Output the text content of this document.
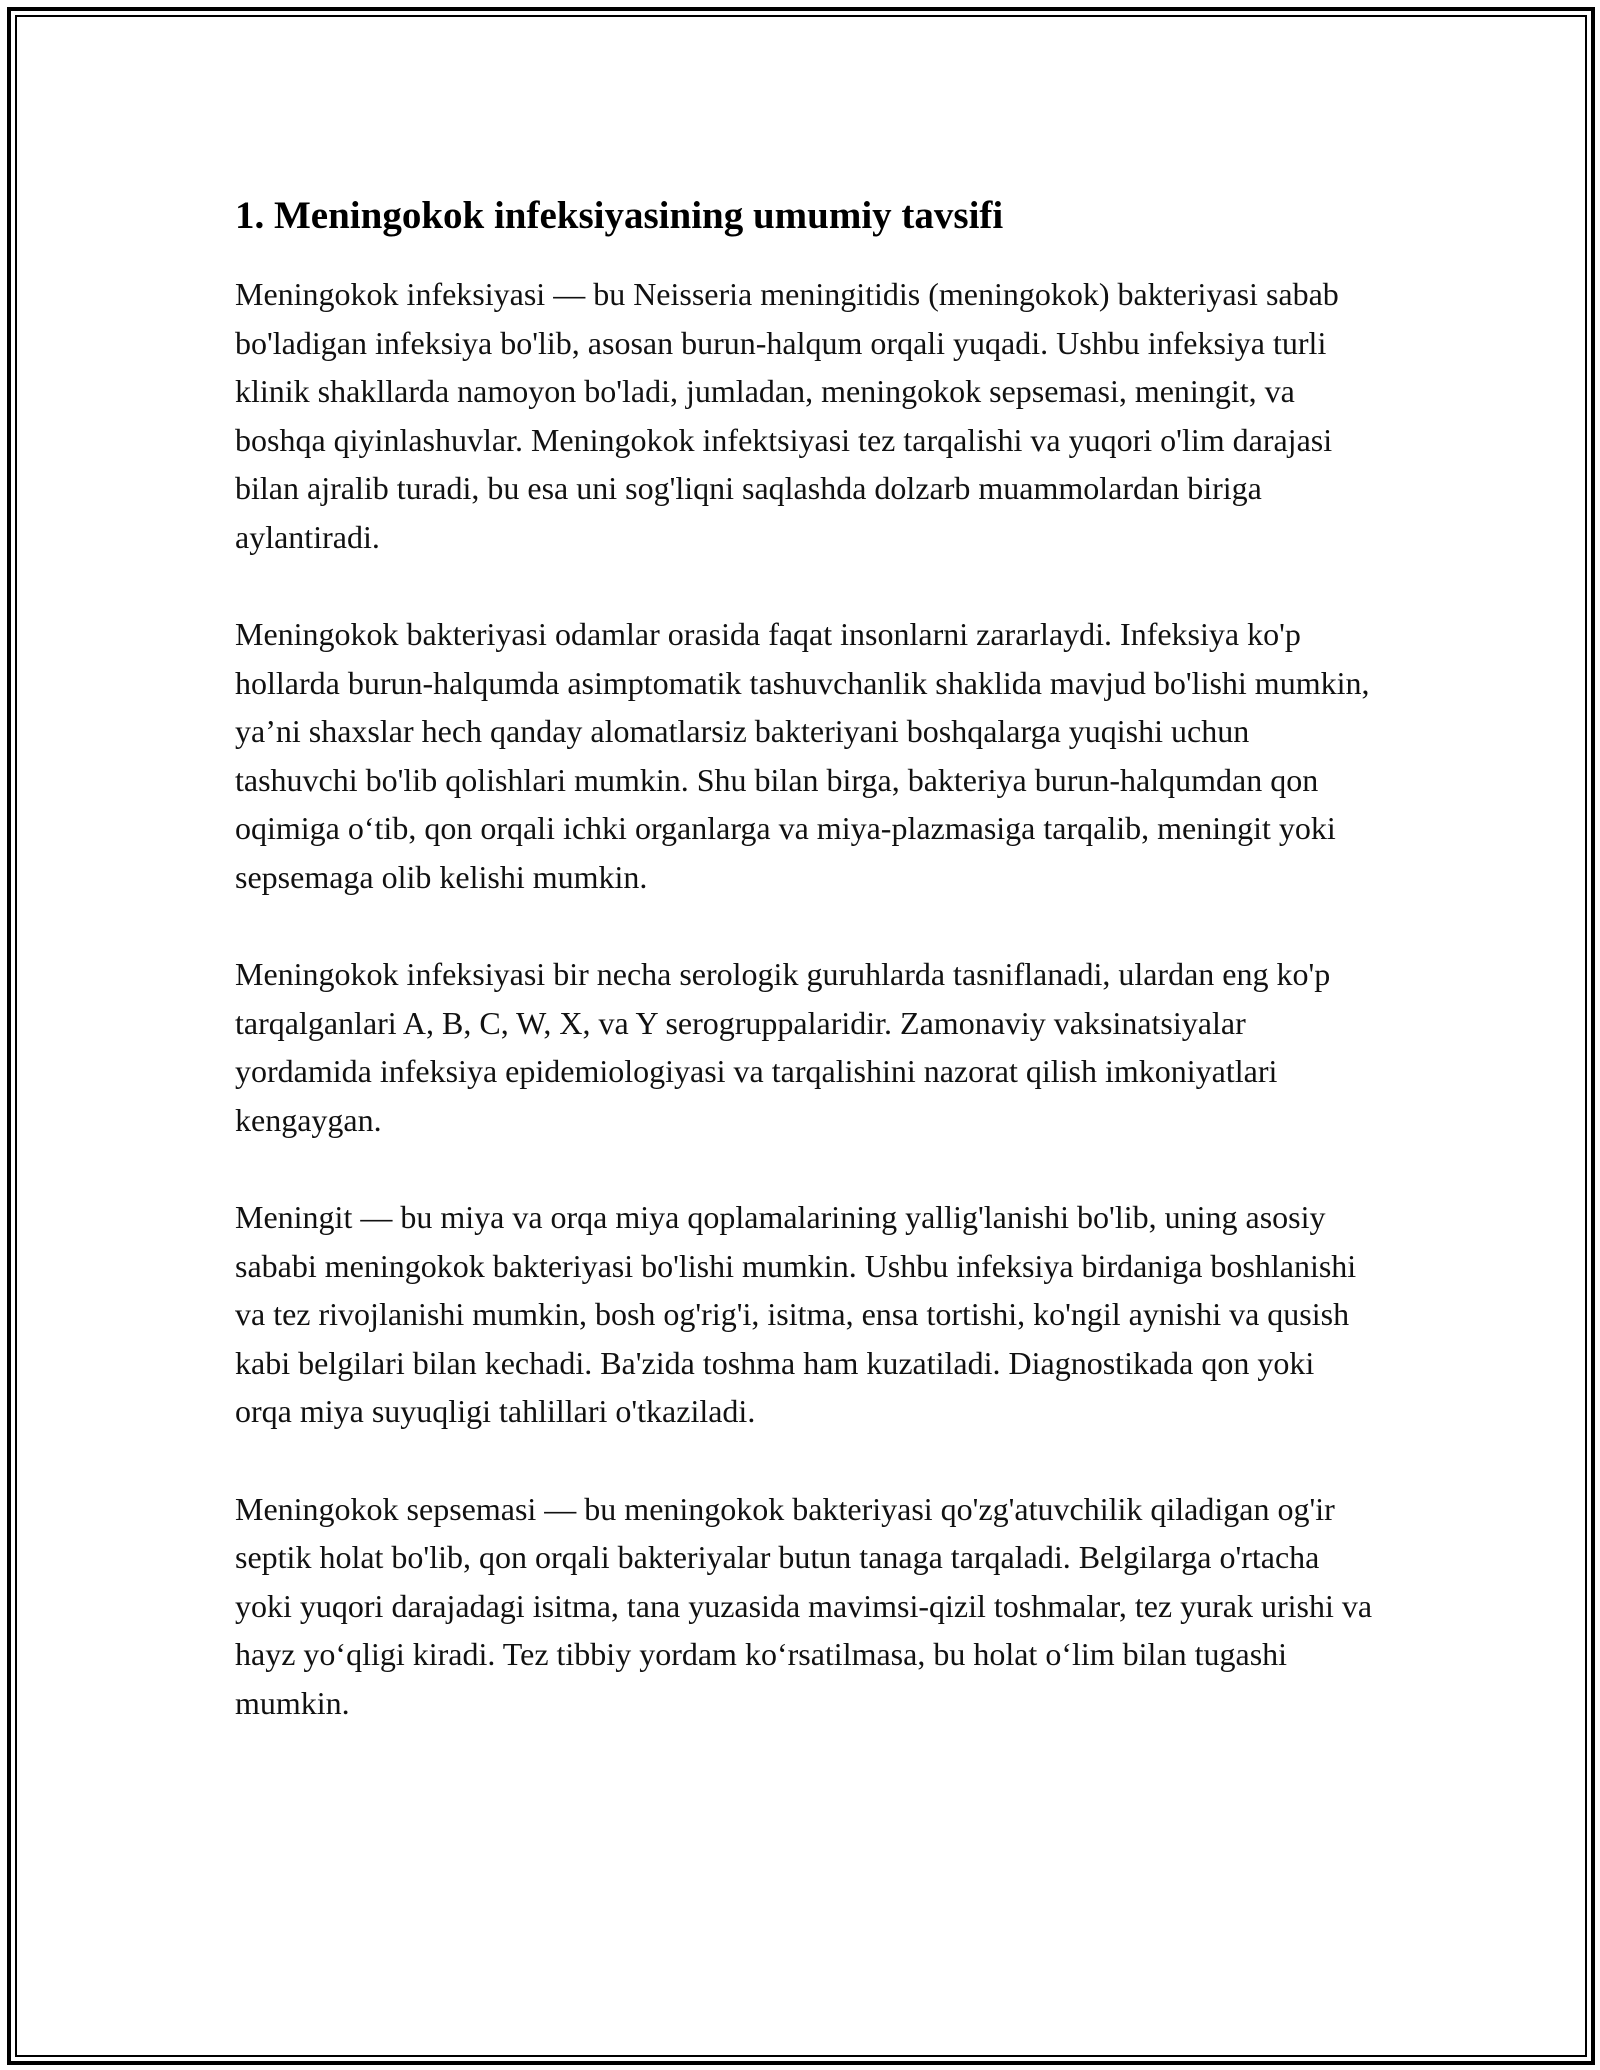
1. Meningokok infeksiyasining umumiy tavsifi

Meningokok infeksiyasi — bu Neisseria meningitidis (meningokok) bakteriyasi sabab bo'ladigan infeksiya bo'lib, asosan burun-halqum orqali yuqadi. Ushbu infeksiya turli klinik shakllarda namoyon bo'ladi, jumladan, meningokok sepsemasi, meningit, va boshqa qiyinlashuvlar. Meningokok infektsiyasi tez tarqalishi va yuqori o'lim darajasi bilan ajralib turadi, bu esa uni sog'liqni saqlashda dolzarb muammolardan biriga aylantiradi.

Meningokok bakteriyasi odamlar orasida faqat insonlarni zararlaydi. Infeksiya ko'p hollarda burun-halqumda asimptomatik tashuvchanlik shaklida mavjud bo'lishi mumkin, ya’ni shaxslar hech qanday alomatlarsiz bakteriyani boshqalarga yuqishi uchun tashuvchi bo'lib qolishlari mumkin. Shu bilan birga, bakteriya burun-halqumdan qon oqimiga o‘tib, qon orqali ichki organlarga va miya-plazmasiga tarqalib, meningit yoki sepsemaga olib kelishi mumkin.

Meningokok infeksiyasi bir necha serologik guruhlarda tasniflanadi, ulardan eng ko'p tarqalganlari A, B, C, W, X, va Y serogruppalaridir. Zamonaviy vaksinatsiyalar yordamida infeksiya epidemiologiyasi va tarqalishini nazorat qilish imkoniyatlari kengaygan.

Meningit — bu miya va orqa miya qoplamalarining yallig'lanishi bo'lib, uning asosiy sababi meningokok bakteriyasi bo'lishi mumkin. Ushbu infeksiya birdaniga boshlanishi va tez rivojlanishi mumkin, bosh og'rig'i, isitma, ensa tortishi, ko'ngil aynishi va qusish kabi belgilari bilan kechadi. Ba'zida toshma ham kuzatiladi. Diagnostikada qon yoki orqa miya suyuqligi tahlillari o'tkaziladi.

Meningokok sepsemasi — bu meningokok bakteriyasi qo'zg'atuvchilik qiladigan og'ir septik holat bo'lib, qon orqali bakteriyalar butun tanaga tarqaladi. Belgilarga o'rtacha yoki yuqori darajadagi isitma, tana yuzasida mavimsi-qizil toshmalar, tez yurak urishi va hayz yo‘qligi kiradi. Tez tibbiy yordam ko‘rsatilmasa, bu holat o‘lim bilan tugashi mumkin.
